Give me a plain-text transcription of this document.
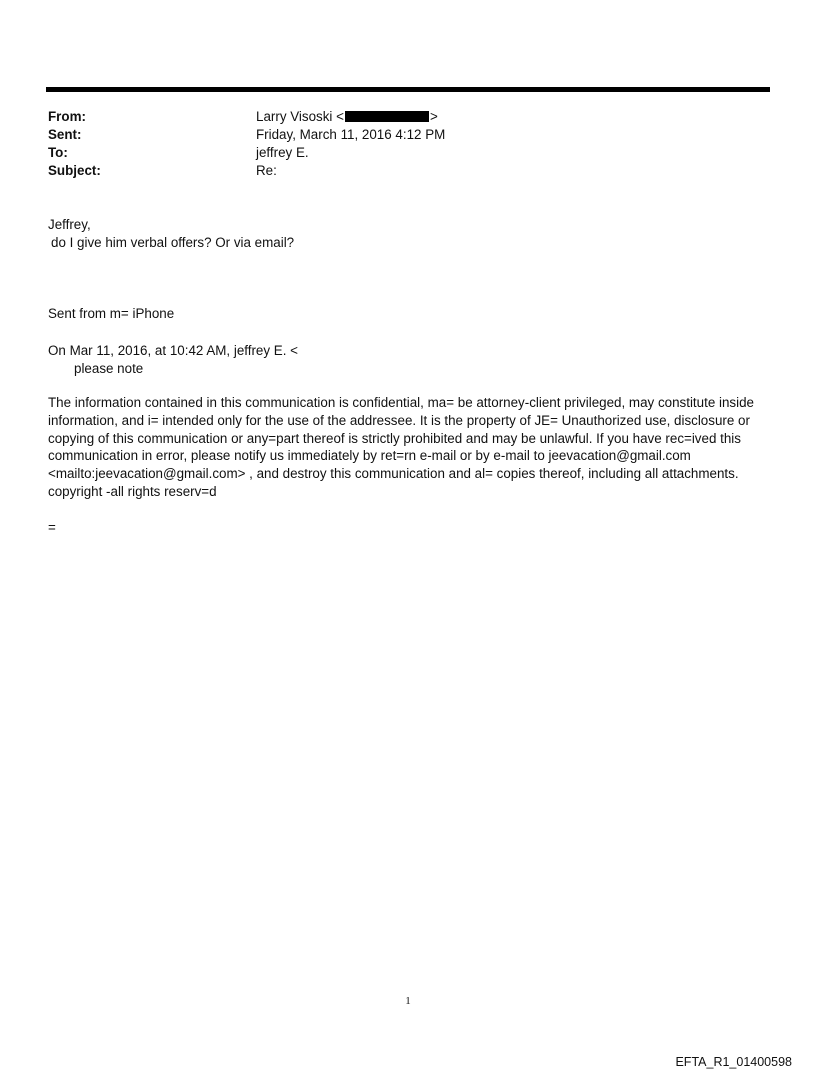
From:	Larry Visoski <	>
Sent:	Friday, March 11, 2016 4:12 PM
To:	jeffrey E.
Subject:	Re:
Jeffrey,
do I give him verbal offers? Or via email?
Sent from m= iPhone
On Mar 11, 2016, at 10:42 AM, jeffrey E. <
please note
The information contained in this communication is confidential, ma= be attorney-client privileged, may constitute inside information, and i= intended only for the use of the addressee. It is the property of JE= Unauthorized use, disclosure or copying of this communication or any=part thereof is strictly prohibited and may be unlawful. If you have rec=ived this communication in error, please notify us immediately by ret=rn e-mail or by e-mail to jeevacation@gmail.com <mailto:jeevacation@gmail.com> , and destroy this communication and al= copies thereof, including all attachments. copyright -all rights reserv=d
=
1
EFTA_R1_01400598
